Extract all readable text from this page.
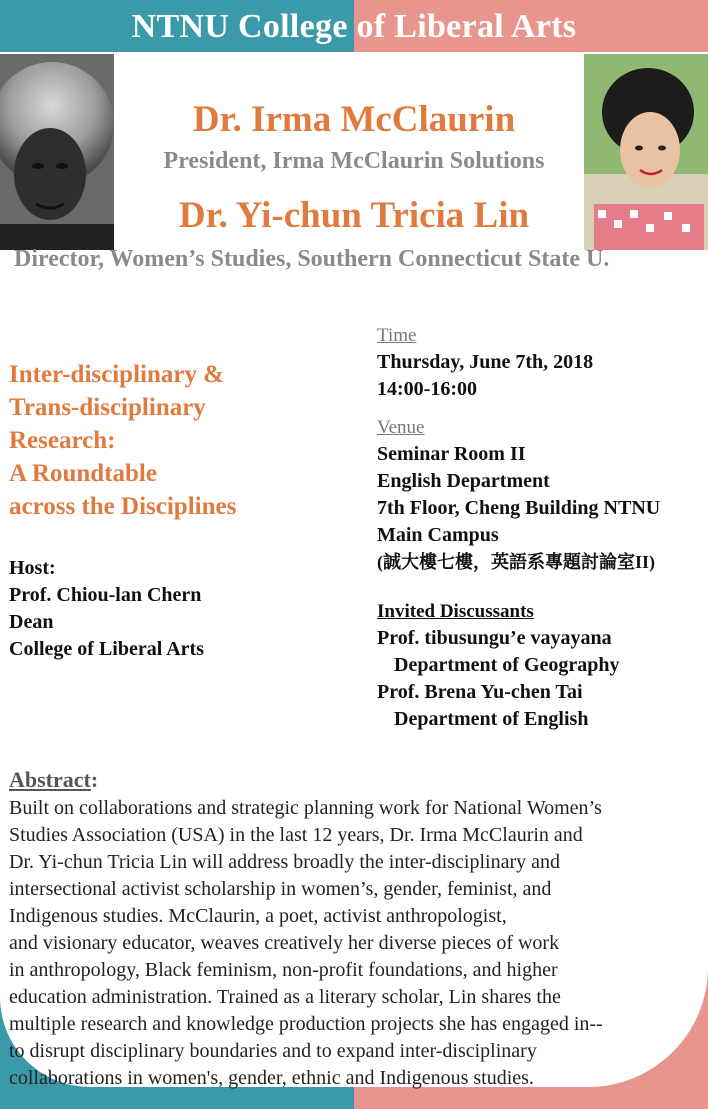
NTNU College of Liberal Arts
Dr. Irma McClaurin

President, Irma McClaurin Solutions

Dr. Yi-chun Tricia Lin

Director, Women’s Studies, Southern Connecticut State U.

Inter-disciplinary &
Trans-disciplinary
Research:
A Roundtable
across the Disciplines
Host:
Prof. Chiou-lan Chern
Dean
College of Liberal Arts
Time
Thursday, June 7th, 2018
14:00-16:00
Venue
Seminar Room II
English Department
7th Floor, Cheng Building NTNU
Main Campus
(誠大樓七樓，英語系專題討論室II)
Invited Discussants
Prof. tibusungu’e vayayana
Department of Geography
Prof. Brena Yu-chen Tai
Department of English
Abstract:
Built on collaborations and strategic planning work for National Women’s
Studies Association (USA) in the last 12 years, Dr. Irma McClaurin and
Dr. Yi-chun Tricia Lin will address broadly the inter-disciplinary and
intersectional activist scholarship in women’s, gender, feminist, and
Indigenous studies. McClaurin, a poet, activist anthropologist,
and visionary educator, weaves creatively her diverse pieces of work
in anthropology, Black feminism, non-profit foundations, and higher
education administration. Trained as a literary scholar, Lin shares the
multiple research and knowledge production projects she has engaged in--
to disrupt disciplinary boundaries and to expand inter-disciplinary
collaborations in women's, gender, ethnic and Indigenous studies.
